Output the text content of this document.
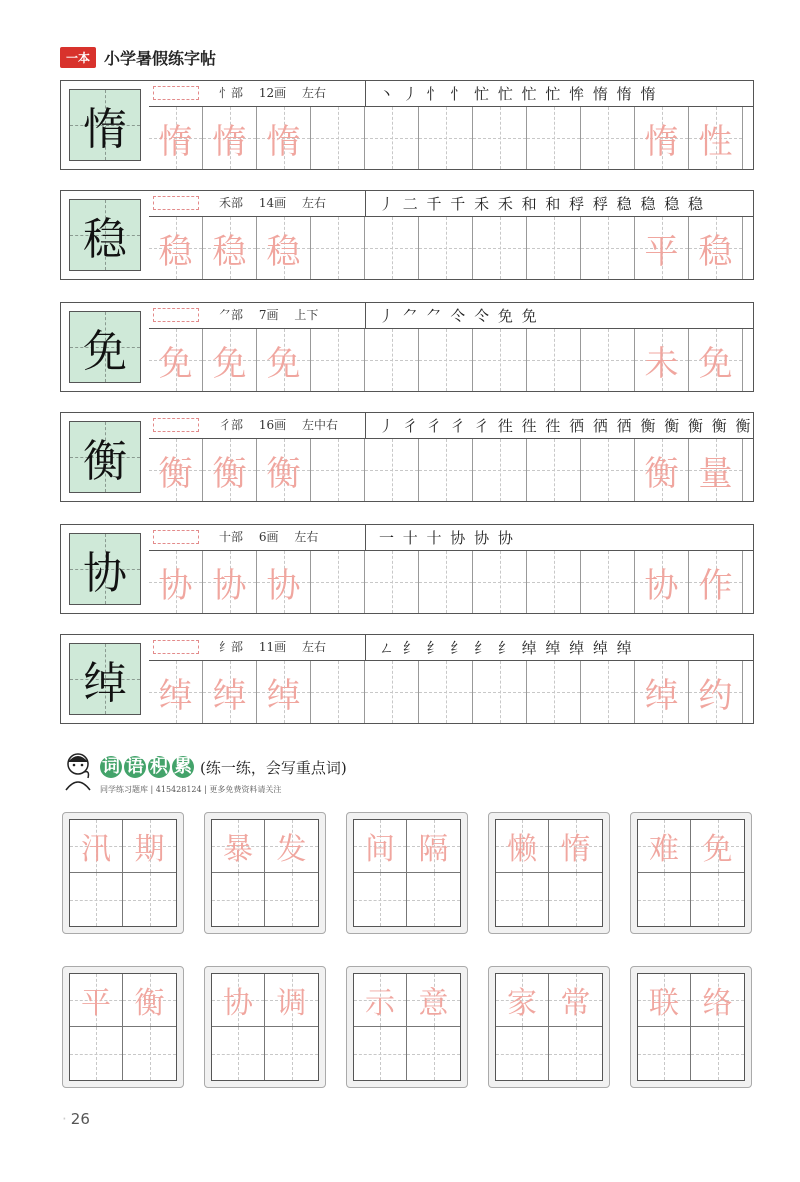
一本 小学暑假练字帖
惰
忄部 12画 左右	丶 丿 忄 忄 忙 忙 忙 忙 恈 惰 惰 惰
惰 惰 惰	惰 性
稳
禾部 14画 左右	丿 二 千 千 禾 禾 和 和 稃 稃 稳 稳 稳 稳
稳 稳 稳	平 稳
免
⺈部 7画 上下	丿 ⺈ ⺈ 仒 仒 免 免
免 免 免	未 免
衡
彳部 16画 左中右	丿 彳 彳 彳 彳 徃 徃 徃 徆 徆 徆 衡 衡 衡 衡 衡
衡 衡 衡	衡 量
协
十部 6画 左右	一 十 十 协 协 协
协 协 协	协 作
绰
纟部 11画 左右	ㄥ 纟 纟 纟 纟 纟 绰 绰 绰 绰 绰
绰 绰 绰	绰 约
词 语 积 累 (练一练，会写重点词)
同学练习题库 | 415428124 | 更多免费资料请关注
汛 期	暴 发	间 隔	懒 惰	难 免
平 衡	协 调	示 意	家 常	联 络
· 26
